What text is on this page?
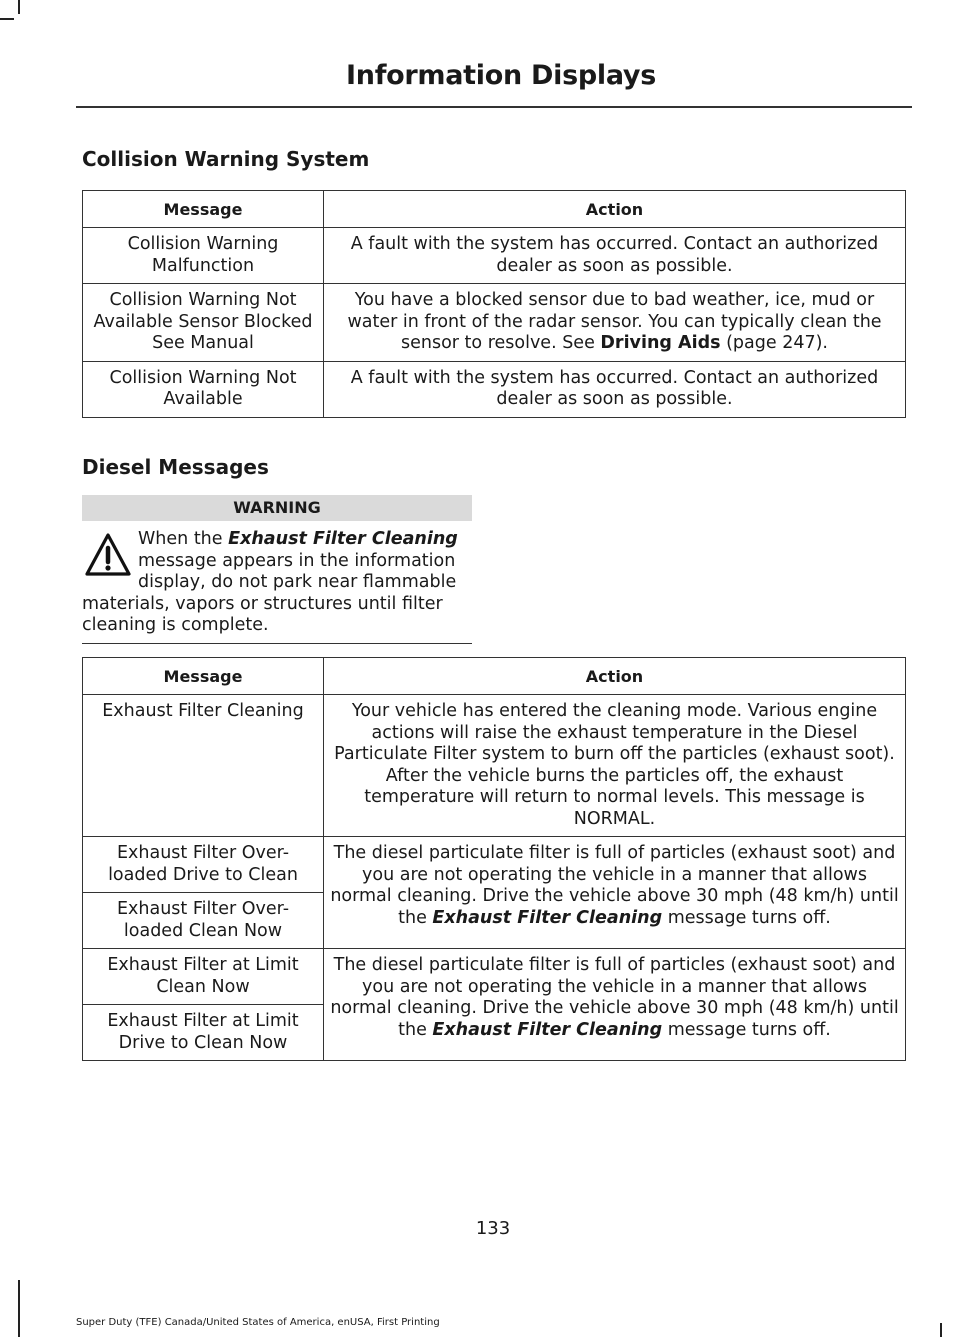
Information Displays
Collision Warning System
Message	Action
Collision Warning Malfunction	A fault with the system has occurred. Contact an authorized dealer as soon as possible.
Collision Warning Not Available Sensor Blocked See Manual	You have a blocked sensor due to bad weather, ice, mud or water in front of the radar sensor. You can typically clean the sensor to resolve. See Driving Aids (page 247).
Collision Warning Not Available	A fault with the system has occurred. Contact an authorized dealer as soon as possible.
Diesel Messages
WARNING
When the Exhaust Filter Cleaning message appears in the information display, do not park near flammable materials, vapors or structures until filter cleaning is complete.
Message	Action
Exhaust Filter Cleaning	Your vehicle has entered the cleaning mode. Various engine actions will raise the exhaust temperature in the Diesel Particulate Filter system to burn off the particles (exhaust soot). After the vehicle burns the particles off, the exhaust temperature will return to normal levels. This message is NORMAL.
Exhaust Filter Over-loaded Drive to Clean	The diesel particulate filter is full of particles (exhaust soot) and you are not operating the vehicle in a manner that allows normal cleaning. Drive the vehicle above 30 mph (48 km/h) until the Exhaust Filter Cleaning message turns off.
Exhaust Filter Over-loaded Clean Now	
Exhaust Filter at Limit Clean Now	The diesel particulate filter is full of particles (exhaust soot) and you are not operating the vehicle in a manner that allows normal cleaning. Drive the vehicle above 30 mph (48 km/h) until the Exhaust Filter Cleaning message turns off.
Exhaust Filter at Limit Drive to Clean Now	
133
Super Duty (TFE) Canada/United States of America, enUSA, First Printing
